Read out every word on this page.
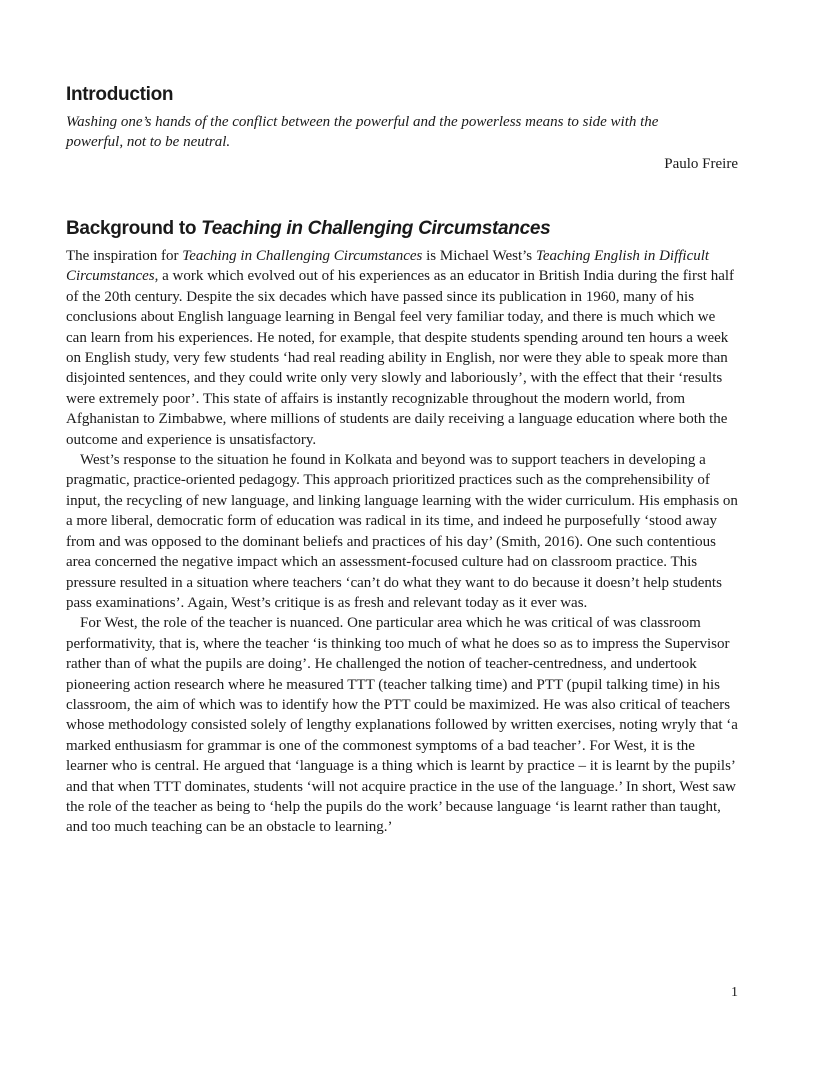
Introduction

Washing one’s hands of the conflict between the powerful and the powerless means to side with the powerful, not to be neutral.

Paulo Freire

Background to Teaching in Challenging Circumstances

The inspiration for Teaching in Challenging Circumstances is Michael West’s Teaching English in Difficult Circumstances, a work which evolved out of his experiences as an educator in British India during the first half of the 20th century. Despite the six decades which have passed since its publication in 1960, many of his conclusions about English language learning in Bengal feel very familiar today, and there is much which we can learn from his experiences. He noted, for example, that despite students spending around ten hours a week on English study, very few students ‘had real reading ability in English, nor were they able to speak more than disjointed sentences, and they could write only very slowly and laboriously’, with the effect that their ‘results were extremely poor’. This state of affairs is instantly recognizable throughout the modern world, from Afghanistan to Zimbabwe, where millions of students are daily receiving a language education where both the outcome and experience is unsatisfactory.

West’s response to the situation he found in Kolkata and beyond was to support teachers in developing a pragmatic, practice-oriented pedagogy. This approach prioritized practices such as the comprehensibility of input, the recycling of new language, and linking language learning with the wider curriculum. His emphasis on a more liberal, democratic form of education was radical in its time, and indeed he purposefully ‘stood away from and was opposed to the dominant beliefs and practices of his day’ (Smith, 2016). One such contentious area concerned the negative impact which an assessment-focused culture had on classroom practice. This pressure resulted in a situation where teachers ‘can’t do what they want to do because it doesn’t help students pass examinations’. Again, West’s critique is as fresh and relevant today as it ever was.

For West, the role of the teacher is nuanced. One particular area which he was critical of was classroom performativity, that is, where the teacher ‘is thinking too much of what he does so as to impress the Supervisor rather than of what the pupils are doing’. He challenged the notion of teacher-centredness, and undertook pioneering action research where he measured TTT (teacher talking time) and PTT (pupil talking time) in his classroom, the aim of which was to identify how the PTT could be maximized. He was also critical of teachers whose methodology consisted solely of lengthy explanations followed by written exercises, noting wryly that ‘a marked enthusiasm for grammar is one of the commonest symptoms of a bad teacher’. For West, it is the learner who is central. He argued that ‘language is a thing which is learnt by practice – it is learnt by the pupils’ and that when TTT dominates, students ‘will not acquire practice in the use of the language.’ In short, West saw the role of the teacher as being to ‘help the pupils do the work’ because language ‘is learnt rather than taught, and too much teaching can be an obstacle to learning.’

1
